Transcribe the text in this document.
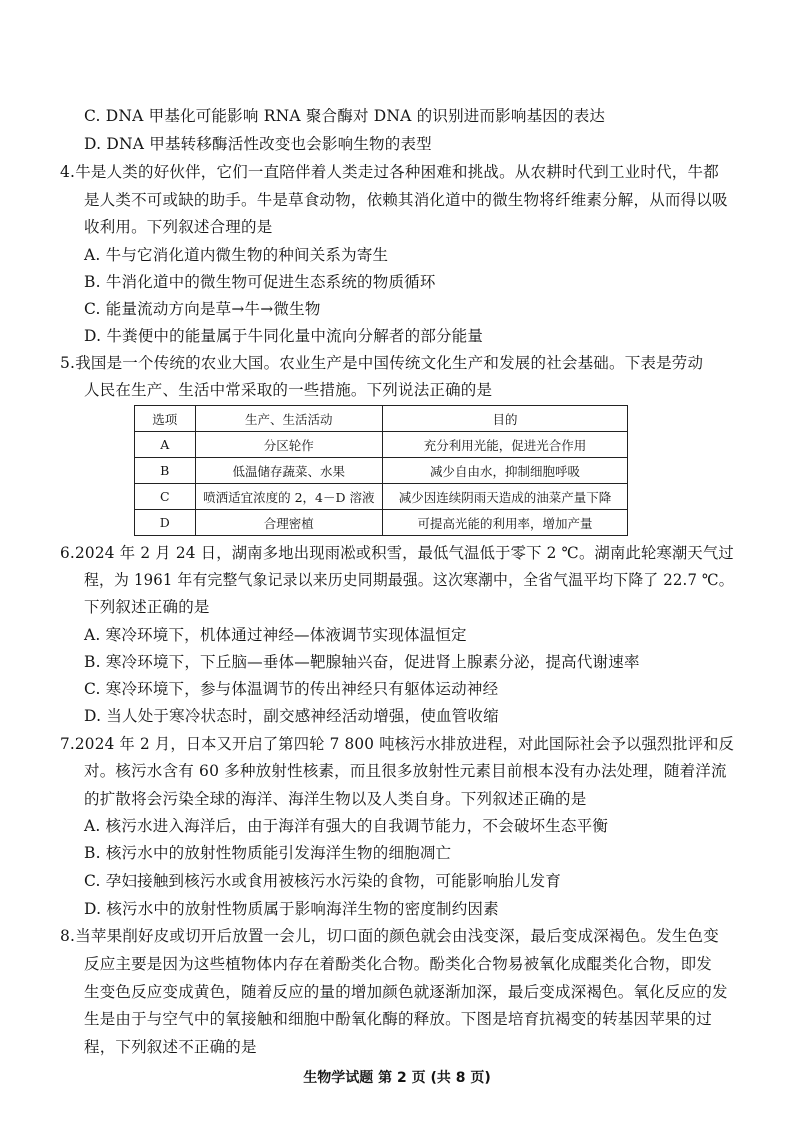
C. DNA 甲基化可能影响 RNA 聚合酶对 DNA 的识别进而影响基因的表达
D. DNA 甲基转移酶活性改变也会影响生物的表型
4.牛是人类的好伙伴，它们一直陪伴着人类走过各种困难和挑战。从农耕时代到工业时代，牛都
是人类不可或缺的助手。牛是草食动物，依赖其消化道中的微生物将纤维素分解，从而得以吸
收利用。下列叙述合理的是
A. 牛与它消化道内微生物的种间关系为寄生
B. 牛消化道中的微生物可促进生态系统的物质循环
C. 能量流动方向是草→牛→微生物
D. 牛粪便中的能量属于牛同化量中流向分解者的部分能量
5.我国是一个传统的农业大国。农业生产是中国传统文化生产和发展的社会基础。下表是劳动
人民在生产、生活中常采取的一些措施。下列说法正确的是
选项	生产、生活活动	目的
A	分区轮作	充分利用光能，促进光合作用
B	低温储存蔬菜、水果	减少自由水，抑制细胞呼吸
C	喷洒适宜浓度的 2，4－D 溶液	减少因连续阴雨天造成的油菜产量下降
D	合理密植	可提高光能的利用率，增加产量
6.2024 年 2 月 24 日，湖南多地出现雨凇或积雪，最低气温低于零下 2 ℃。湖南此轮寒潮天气过
程，为 1961 年有完整气象记录以来历史同期最强。这次寒潮中，全省气温平均下降了 22.7 ℃。
下列叙述正确的是
A. 寒冷环境下，机体通过神经—体液调节实现体温恒定
B. 寒冷环境下，下丘脑—垂体—靶腺轴兴奋，促进肾上腺素分泌，提高代谢速率
C. 寒冷环境下，参与体温调节的传出神经只有躯体运动神经
D. 当人处于寒冷状态时，副交感神经活动增强，使血管收缩
7.2024 年 2 月，日本又开启了第四轮 7 800 吨核污水排放进程，对此国际社会予以强烈批评和反
对。核污水含有 60 多种放射性核素，而且很多放射性元素目前根本没有办法处理，随着洋流
的扩散将会污染全球的海洋、海洋生物以及人类自身。下列叙述正确的是
A. 核污水进入海洋后，由于海洋有强大的自我调节能力，不会破坏生态平衡
B. 核污水中的放射性物质能引发海洋生物的细胞凋亡
C. 孕妇接触到核污水或食用被核污水污染的食物，可能影响胎儿发育
D. 核污水中的放射性物质属于影响海洋生物的密度制约因素
8.当苹果削好皮或切开后放置一会儿，切口面的颜色就会由浅变深，最后变成深褐色。发生色变
反应主要是因为这些植物体内存在着酚类化合物。酚类化合物易被氧化成醌类化合物，即发
生变色反应变成黄色，随着反应的量的增加颜色就逐渐加深，最后变成深褐色。氧化反应的发
生是由于与空气中的氧接触和细胞中酚氧化酶的释放。下图是培育抗褐变的转基因苹果的过
程，下列叙述不正确的是
生物学试题 第 2 页 (共 8 页)
